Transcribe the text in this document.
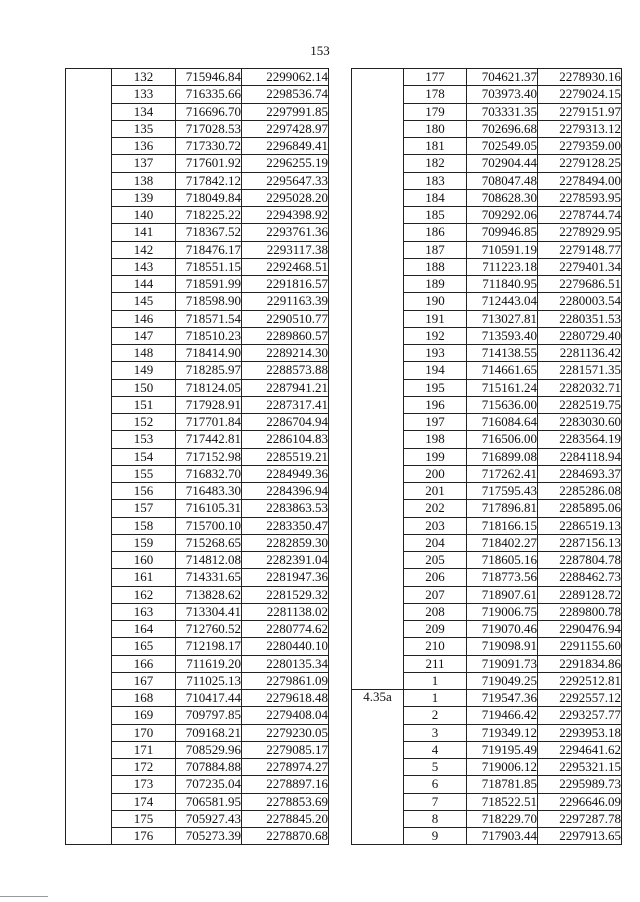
153
	132	715946.84	2299062.14
	133	716335.66	2298536.74
	134	716696.70	2297991.85
	135	717028.53	2297428.97
	136	717330.72	2296849.41
	137	717601.92	2296255.19
	138	717842.12	2295647.33
	139	718049.84	2295028.20
	140	718225.22	2294398.92
	141	718367.52	2293761.36
	142	718476.17	2293117.38
	143	718551.15	2292468.51
	144	718591.99	2291816.57
	145	718598.90	2291163.39
	146	718571.54	2290510.77
	147	718510.23	2289860.57
	148	718414.90	2289214.30
	149	718285.97	2288573.88
	150	718124.05	2287941.21
	151	717928.91	2287317.41
	152	717701.84	2286704.94
	153	717442.81	2286104.83
	154	717152.98	2285519.21
	155	716832.70	2284949.36
	156	716483.30	2284396.94
	157	716105.31	2283863.53
	158	715700.10	2283350.47
	159	715268.65	2282859.30
	160	714812.08	2282391.04
	161	714331.65	2281947.36
	162	713828.62	2281529.32
	163	713304.41	2281138.02
	164	712760.52	2280774.62
	165	712198.17	2280440.10
	166	711619.20	2280135.34
	167	711025.13	2279861.09
	168	710417.44	2279618.48
	169	709797.85	2279408.04
	170	709168.21	2279230.05
	171	708529.96	2279085.17
	172	707884.88	2278974.27
	173	707235.04	2278897.16
	174	706581.95	2278853.69
	175	705927.43	2278845.20
	176	705273.39	2278870.68
	177	704621.37	2278930.16
	178	703973.40	2279024.15
	179	703331.35	2279151.97
	180	702696.68	2279313.12
	181	702549.05	2279359.00
	182	702904.44	2279128.25
	183	708047.48	2278494.00
	184	708628.30	2278593.95
	185	709292.06	2278744.74
	186	709946.85	2278929.95
	187	710591.19	2279148.77
	188	711223.18	2279401.34
	189	711840.95	2279686.51
	190	712443.04	2280003.54
	191	713027.81	2280351.53
	192	713593.40	2280729.40
	193	714138.55	2281136.42
	194	714661.65	2281571.35
	195	715161.24	2282032.71
	196	715636.00	2282519.75
	197	716084.64	2283030.60
	198	716506.00	2283564.19
	199	716899.08	2284118.94
	200	717262.41	2284693.37
	201	717595.43	2285286.08
	202	717896.81	2285895.06
	203	718166.15	2286519.13
	204	718402.27	2287156.13
	205	718605.16	2287804.78
	206	718773.56	2288462.73
	207	718907.61	2289128.72
	208	719006.75	2289800.78
	209	719070.46	2290476.94
	210	719098.91	2291155.60
	211	719091.73	2291834.86
	1	719049.25	2292512.81
4.35a	1	719547.36	2292557.12
	2	719466.42	2293257.77
	3	719349.12	2293953.18
	4	719195.49	2294641.62
	5	719006.12	2295321.15
	6	718781.85	2295989.73
	7	718522.51	2296646.09
	8	718229.70	2297287.78
	9	717903.44	2297913.65
